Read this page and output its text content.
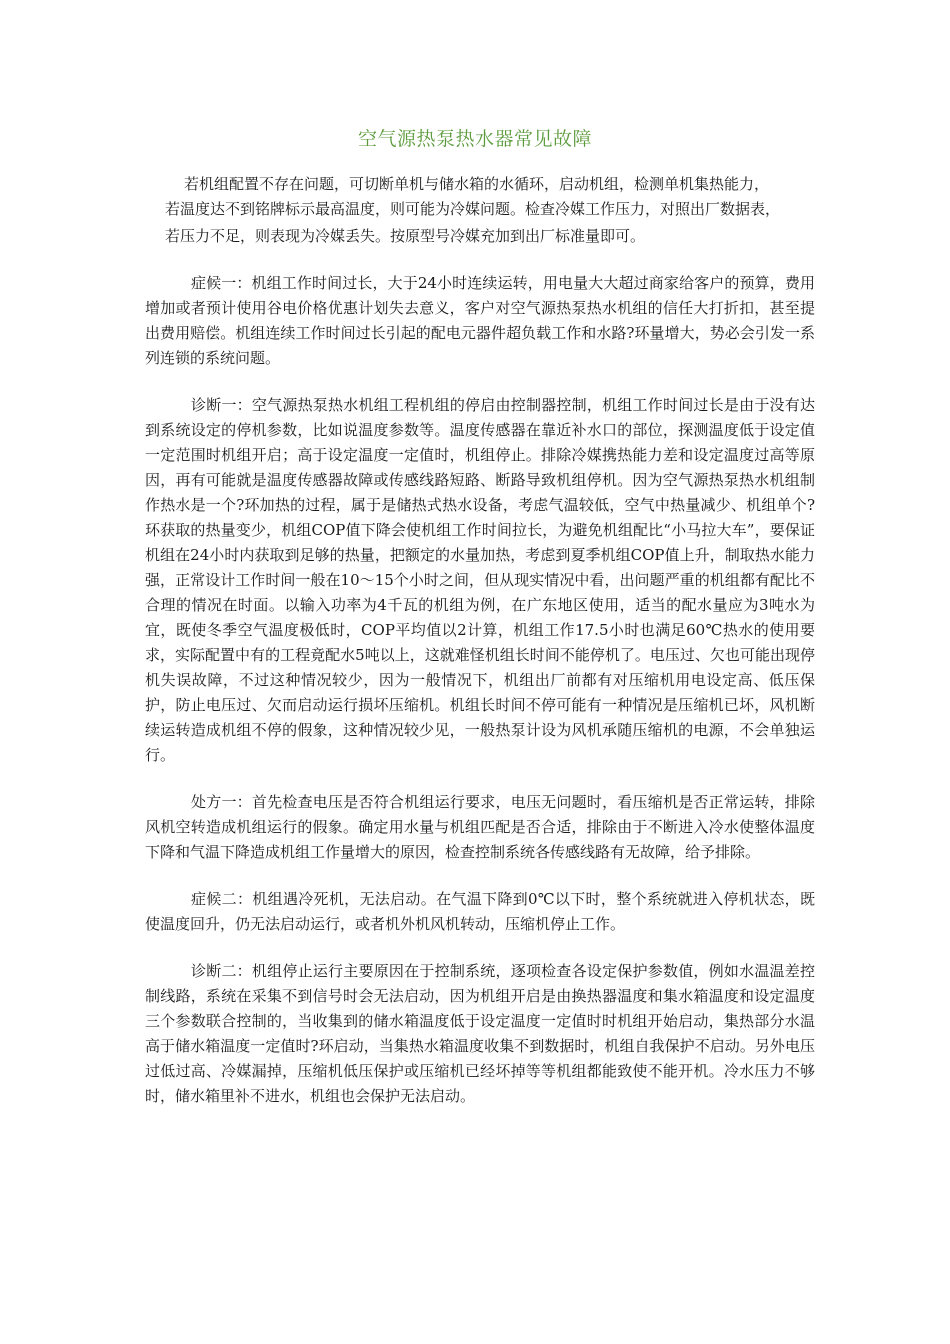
空气源热泵热水器常见故障

若机组配置不存在问题，可切断单机与储水箱的水循环，启动机组，检测单机集热能力，

若温度达不到铭牌标示最高温度，则可能为冷媒问题。检查冷媒工作压力，对照出厂数据表，

若压力不足，则表现为冷媒丢失。按原型号冷媒充加到出厂标准量即可。

症候一：机组工作时间过长，大于24小时连续运转，用电量大大超过商家给客户的预算，费用增加或者预计使用谷电价格优惠计划失去意义，客户对空气源热泵热水机组的信任大打折扣，甚至提出费用赔偿。机组连续工作时间过长引起的配电元器件超负载工作和水路?环量增大，势必会引发一系列连锁的系统问题。

诊断一：空气源热泵热水机组工程机组的停启由控制器控制，机组工作时间过长是由于没有达到系统设定的停机参数，比如说温度参数等。温度传感器在靠近补水口的部位，探测温度低于设定值一定范围时机组开启；高于设定温度一定值时，机组停止。排除冷媒携热能力差和设定温度过高等原因，再有可能就是温度传感器故障或传感线路短路、断路导致机组停机。因为空气源热泵热水机组制作热水是一个?环加热的过程，属于是储热式热水设备，考虑气温较低，空气中热量减少、机组单个?环获取的热量变少，机组COP值下降会使机组工作时间拉长，为避免机组配比“小马拉大车”，要保证机组在24小时内获取到足够的热量，把额定的水量加热，考虑到夏季机组COP值上升，制取热水能力强，正常设计工作时间一般在10～15个小时之间，但从现实情况中看，出问题严重的机组都有配比不合理的情况在时面。以输入功率为4千瓦的机组为例，在广东地区使用，适当的配水量应为3吨水为宜，既使冬季空气温度极低时，COP平均值以2计算，机组工作17.5小时也满足60℃热水的使用要求，实际配置中有的工程竟配水5吨以上，这就难怪机组长时间不能停机了。电压过、欠也可能出现停机失误故障，不过这种情况较少，因为一般情况下，机组出厂前都有对压缩机用电设定高、低压保护，防止电压过、欠而启动运行损坏压缩机。机组长时间不停可能有一种情况是压缩机已坏，风机断续运转造成机组不停的假象，这种情况较少见，一般热泵计设为风机承随压缩机的电源，不会单独运行。

处方一：首先检查电压是否符合机组运行要求，电压无问题时，看压缩机是否正常运转，排除风机空转造成机组运行的假象。确定用水量与机组匹配是否合适，排除由于不断进入冷水使整体温度下降和气温下降造成机组工作量增大的原因，检查控制系统各传感线路有无故障，给予排除。

症候二：机组遇冷死机，无法启动。在气温下降到0℃以下时，整个系统就进入停机状态，既使温度回升，仍无法启动运行，或者机外机风机转动，压缩机停止工作。

诊断二：机组停止运行主要原因在于控制系统，逐项检查各设定保护参数值，例如水温温差控制线路，系统在采集不到信号时会无法启动，因为机组开启是由换热器温度和集水箱温度和设定温度三个参数联合控制的，当收集到的储水箱温度低于设定温度一定值时时机组开始启动，集热部分水温高于储水箱温度一定值时?环启动，当集热水箱温度收集不到数据时，机组自我保护不启动。另外电压过低过高、冷媒漏掉，压缩机低压保护或压缩机已经坏掉等等机组都能致使不能开机。冷水压力不够时，储水箱里补不进水，机组也会保护无法启动。
